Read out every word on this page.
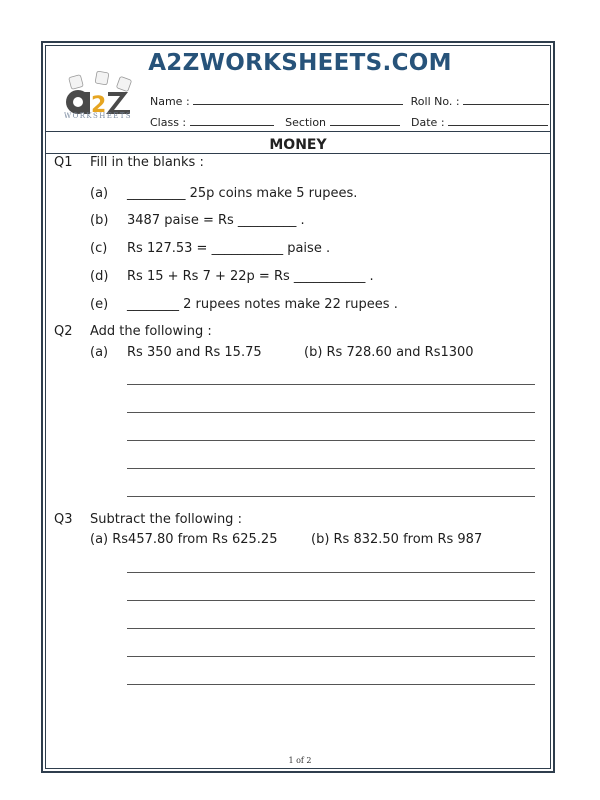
A2ZWORKSHEETS.COM
2
WORKSHEETS
Name :	Roll No. :
Class :	Section	Date :
MONEY
Q1 Fill in the blanks :
(a) _________ 25p coins make 5 rupees.
(b) 3487 paise = Rs _________ .
(c) Rs 127.53 = ___________ paise .
(d) Rs 15 + Rs 7 + 22p = Rs ___________ .
(e) ________ 2 rupees notes make 22 rupees .
Q2 Add the following :
(a) Rs 350 and Rs 15.75	(b) Rs 728.60 and Rs1300
Q3 Subtract the following :
(a) Rs457.80 from Rs 625.25	(b) Rs 832.50 from Rs 987
1 of 2
